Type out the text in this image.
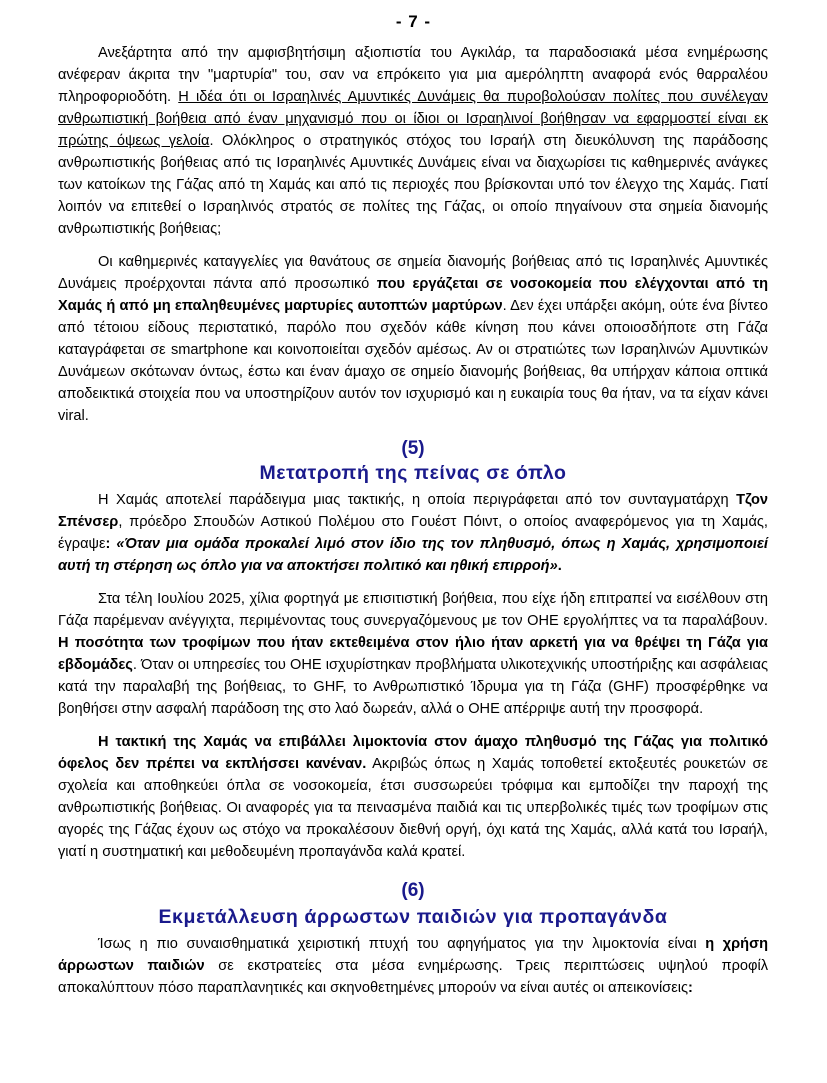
- 7 -

Ανεξάρτητα από την αμφισβητήσιμη αξιοπιστία του Αγκιλάρ, τα παραδοσιακά μέσα ενημέρωσης ανέφεραν άκριτα την "μαρτυρία" του, σαν να επρόκειτο για μια αμερόληπτη αναφορά ενός θαρραλέου πληροφοριοδότη. Η ιδέα ότι οι Ισραηλινές Αμυντικές Δυνάμεις θα πυροβολούσαν πολίτες που συνέλεγαν ανθρωπιστική βοήθεια από έναν μηχανισμό που οι ίδιοι οι Ισραηλινοί βοήθησαν να εφαρμοστεί είναι εκ πρώτης όψεως γελοία. Ολόκληρος ο στρατηγικός στόχος του Ισραήλ στη διευκόλυνση της παράδοσης ανθρωπιστικής βοήθειας από τις Ισραηλινές Αμυντικές Δυνάμεις είναι να διαχωρίσει τις καθημερινές ανάγκες των κατοίκων της Γάζας από τη Χαμάς και από τις περιοχές που βρίσκονται υπό τον έλεγχο της Χαμάς. Γιατί λοιπόν να επιτεθεί ο Ισραηλινός στρατός σε πολίτες της Γάζας, οι οποίο πηγαίνουν στα σημεία διανομής ανθρωπιστικής βοήθειας;

Οι καθημερινές καταγγελίες για θανάτους σε σημεία διανομής βοήθειας από τις Ισραηλινές Αμυντικές Δυνάμεις προέρχονται πάντα από προσωπικό που εργάζεται σε νοσοκομεία που ελέγχονται από τη Χαμάς ή από μη επαληθευμένες μαρτυρίες αυτοπτών μαρτύρων. Δεν έχει υπάρξει ακόμη, ούτε ένα βίντεο από τέτοιου είδους περιστατικό, παρόλο που σχεδόν κάθε κίνηση που κάνει οποιοσδήποτε στη Γάζα καταγράφεται σε smartphone και κοινοποιείται σχεδόν αμέσως. Αν οι στρατιώτες των Ισραηλινών Αμυντικών Δυνάμεων σκότωναν όντως, έστω και έναν άμαχο σε σημείο διανομής βοήθειας, θα υπήρχαν κάποια οπτικά αποδεικτικά στοιχεία που να υποστηρίζουν αυτόν τον ισχυρισμό και η ευκαιρία τους θα ήταν, να τα είχαν κάνει viral.

(5)
Μετατροπή της πείνας σε όπλο

Η Χαμάς αποτελεί παράδειγμα μιας τακτικής, η οποία περιγράφεται από τον συνταγματάρχη Τζον Σπένσερ, πρόεδρο Σπουδών Αστικού Πολέμου στο Γουέστ Πόιντ, ο οποίος αναφερόμενος για τη Χαμάς, έγραψε: «Όταν μια ομάδα προκαλεί λιμό στον ίδιο της τον πληθυσμό, όπως η Χαμάς, χρησιμοποιεί αυτή τη στέρηση ως όπλο για να αποκτήσει πολιτικό και ηθική επιρροή».

Στα τέλη Ιουλίου 2025, χίλια φορτηγά με επισιτιστική βοήθεια, που είχε ήδη επιτραπεί να εισέλθουν στη Γάζα παρέμεναν ανέγγιχτα, περιμένοντας τους συνεργαζόμενους με τον ΟΗΕ εργολήπτες να τα παραλάβουν. Η ποσότητα των τροφίμων που ήταν εκτεθειμένα στον ήλιο ήταν αρκετή για να θρέψει τη Γάζα για εβδομάδες. Όταν οι υπηρεσίες του ΟΗΕ ισχυρίστηκαν προβλήματα υλικοτεχνικής υποστήριξης και ασφάλειας κατά την παραλαβή της βοήθειας, το GHF, το Ανθρωπιστικό Ίδρυμα για τη Γάζα (GHF) προσφέρθηκε να βοηθήσει στην ασφαλή παράδοση της στο λαό δωρεάν, αλλά ο ΟΗΕ απέρριψε αυτή την προσφορά.

Η τακτική της Χαμάς να επιβάλλει λιμοκτονία στον άμαχο πληθυσμό της Γάζας για πολιτικό όφελος δεν πρέπει να εκπλήσσει κανέναν. Ακριβώς όπως η Χαμάς τοποθετεί εκτοξευτές ρουκετών σε σχολεία και αποθηκεύει όπλα σε νοσοκομεία, έτσι συσσωρεύει τρόφιμα και εμποδίζει την παροχή της ανθρωπιστικής βοήθειας. Οι αναφορές για τα πεινασμένα παιδιά και τις υπερβολικές τιμές των τροφίμων στις αγορές της Γάζας έχουν ως στόχο να προκαλέσουν διεθνή οργή, όχι κατά της Χαμάς, αλλά κατά του Ισραήλ, γιατί η συστηματική και μεθοδευμένη προπαγάνδα καλά κρατεί.

(6)
Εκμετάλλευση άρρωστων παιδιών για προπαγάνδα

Ίσως η πιο συναισθηματικά χειριστική πτυχή του αφηγήματος για την λιμοκτονία είναι η χρήση άρρωστων παιδιών σε εκστρατείες στα μέσα ενημέρωσης. Τρεις περιπτώσεις υψηλού προφίλ αποκαλύπτουν πόσο παραπλανητικές και σκηνοθετημένες μπορούν να είναι αυτές οι απεικονίσεις:
